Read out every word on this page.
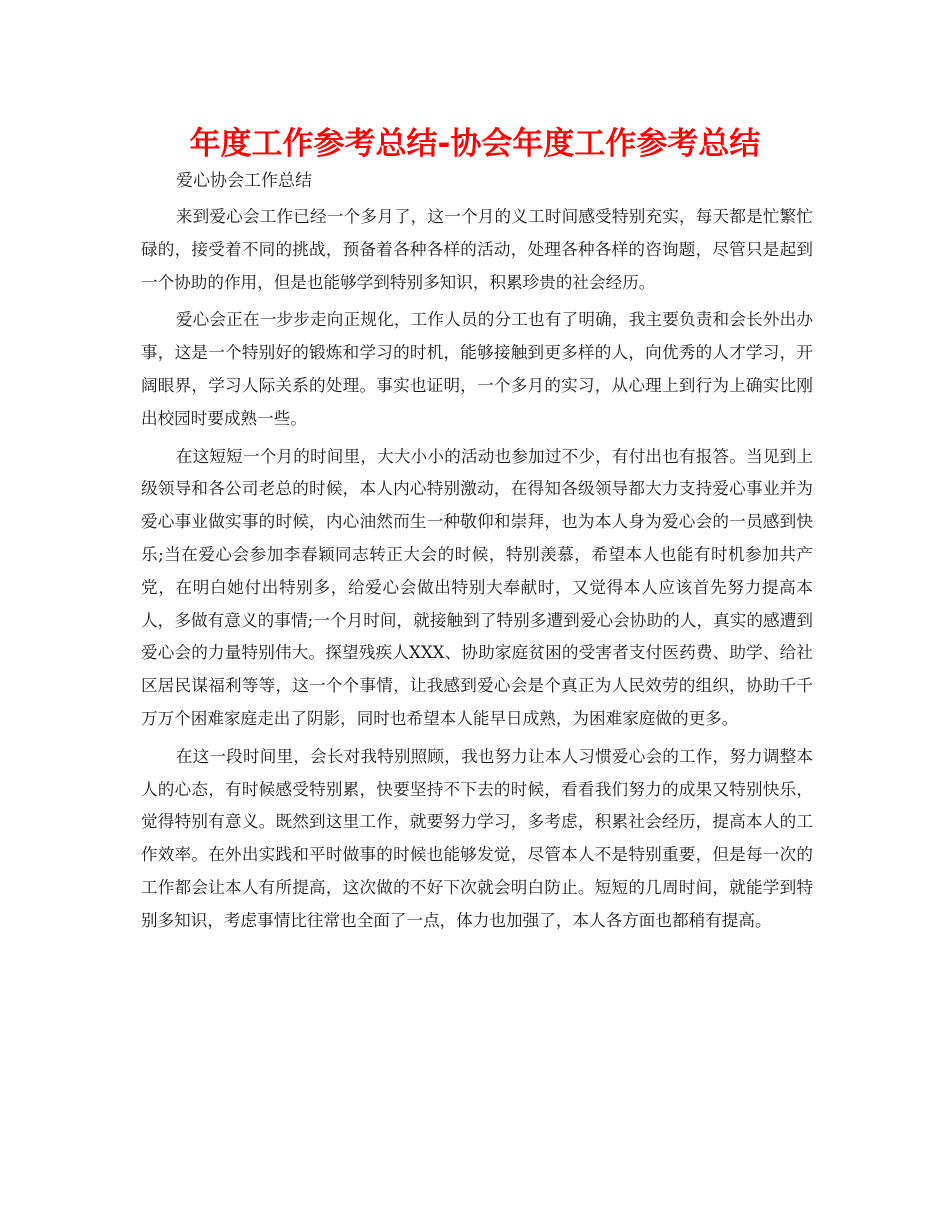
年度工作参考总结-协会年度工作参考总结

爱心协会工作总结

来到爱心会工作已经一个多月了，这一个月的义工时间感受特别充实，每天都是忙繁忙碌的，接受着不同的挑战，预备着各种各样的活动，处理各种各样的咨询题，尽管只是起到一个协助的作用，但是也能够学到特别多知识，积累珍贵的社会经历。

爱心会正在一步步走向正规化，工作人员的分工也有了明确，我主要负责和会长外出办事，这是一个特别好的锻炼和学习的时机，能够接触到更多样的人，向优秀的人才学习，开阔眼界，学习人际关系的处理。事实也证明，一个多月的实习，从心理上到行为上确实比刚出校园时要成熟一些。

在这短短一个月的时间里，大大小小的活动也参加过不少，有付出也有报答。当见到上级领导和各公司老总的时候，本人内心特别激动，在得知各级领导都大力支持爱心事业并为爱心事业做实事的时候，内心油然而生一种敬仰和崇拜，也为本人身为爱心会的一员感到快乐;当在爱心会参加李春颖同志转正大会的时候，特别羡慕，希望本人也能有时机参加共产党，在明白她付出特别多，给爱心会做出特别大奉献时，又觉得本人应该首先努力提高本人，多做有意义的事情;一个月时间，就接触到了特别多遭到爱心会协助的人，真实的感遭到爱心会的力量特别伟大。探望残疾人XXX、协助家庭贫困的受害者支付医药费、助学、给社区居民谋福利等等，这一个个事情，让我感到爱心会是个真正为人民效劳的组织，协助千千万万个困难家庭走出了阴影，同时也希望本人能早日成熟，为困难家庭做的更多。

在这一段时间里，会长对我特别照顾，我也努力让本人习惯爱心会的工作，努力调整本人的心态，有时候感受特别累，快要坚持不下去的时候，看看我们努力的成果又特别快乐，觉得特别有意义。既然到这里工作，就要努力学习，多考虑，积累社会经历，提高本人的工作效率。在外出实践和平时做事的时候也能够发觉，尽管本人不是特别重要，但是每一次的工作都会让本人有所提高，这次做的不好下次就会明白防止。短短的几周时间，就能学到特别多知识，考虑事情比往常也全面了一点，体力也加强了，本人各方面也都稍有提高。
